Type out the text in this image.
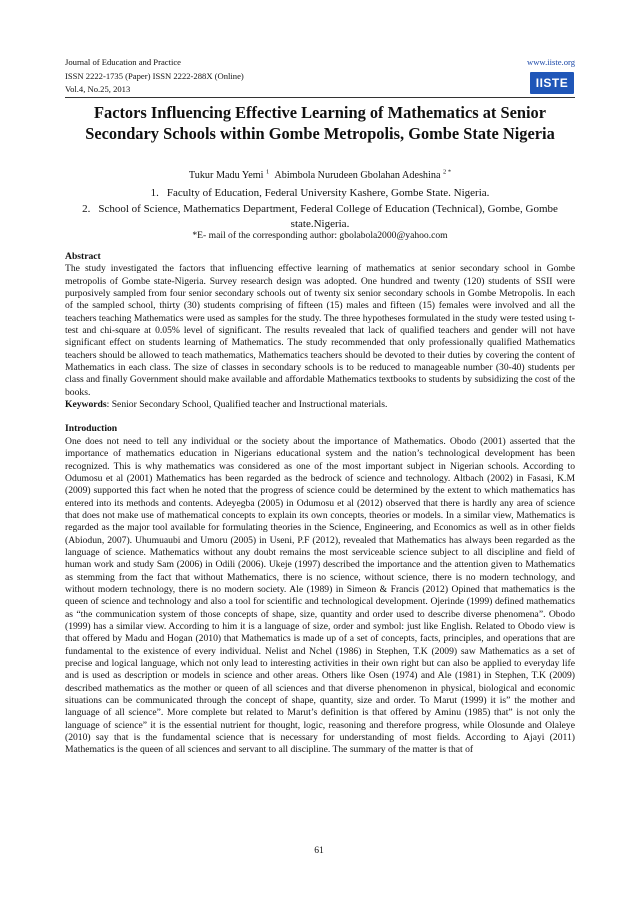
Journal of Education and Practice	www.iiste.org
ISSN 2222-1735 (Paper) ISSN 2222-288X (Online)
Vol.4, No.25, 2013	IISTE
Factors Influencing Effective Learning of Mathematics at Senior Secondary Schools within Gombe Metropolis, Gombe State Nigeria
Tukur Madu Yemi $^1$ Abimbola Nurudeen Gbolahan Adeshina $^{2 *}$
1. Faculty of Education, Federal University Kashere, Gombe State. Nigeria.
2. School of Science, Mathematics Department, Federal College of Education (Technical), Gombe, Gombe state.Nigeria.
*E- mail of the corresponding author: gbolabola2000@yahoo.com

Abstract

The study investigated the factors that influencing effective learning of mathematics at senior secondary school in Gombe metropolis of Gombe state-Nigeria. Survey research design was adopted. One hundred and twenty (120) students of SSII were purposively sampled from four senior secondary schools out of twenty six senior secondary schools in Gombe Metropolis. In each of the sampled school, thirty (30) students comprising of fifteen (15) males and fifteen (15) females were involved and all the teachers teaching Mathematics were used as samples for the study. The three hypotheses formulated in the study were tested using t-test and chi-square at 0.05% level of significant. The results revealed that lack of qualified teachers and gender will not have significant effect on students learning of Mathematics. The study recommended that only professionally qualified Mathematics teachers should be allowed to teach mathematics, Mathematics teachers should be devoted to their duties by covering the content of Mathematics in each class. The size of classes in secondary schools is to be reduced to manageable number (30-40) students per class and finally Government should make available and affordable Mathematics textbooks to students by subsidizing the cost of the books.

Keywords: Senior Secondary School, Qualified teacher and Instructional materials.

Introduction

One does not need to tell any individual or the society about the importance of Mathematics. Obodo (2001) asserted that the importance of mathematics education in Nigerians educational system and the nation’s technological development has been recognized. This is why mathematics was considered as one of the most important subject in Nigerian schools. According to Odumosu et al (2001) Mathematics has been regarded as the bedrock of science and technology. Altbach (2002) in Fasasi, K.M (2009) supported this fact when he noted that the progress of science could be determined by the extent to which mathematics has entered into its methods and contents. Adeyegba (2005) in Odumosu et al (2012) observed that there is hardly any area of science that does not make use of mathematical concepts to explain its own concepts, theories or models. In a similar view, Mathematics is regarded as the major tool available for formulating theories in the Science, Engineering, and Economics as well as in other fields (Abiodun, 2007). Uhumuaubi and Umoru (2005) in Useni, P.F (2012), revealed that Mathematics has always been regarded as the language of science. Mathematics without any doubt remains the most serviceable science subject to all discipline and field of human work and study Sam (2006) in Odili (2006). Ukeje (1997) described the importance and the attention given to Mathematics as stemming from the fact that without Mathematics, there is no science, without science, there is no modern technology, and without modern technology, there is no modern society. Ale (1989) in Simeon & Francis (2012) Opined that mathematics is the queen of science and technology and also a tool for scientific and technological development. Ojerinde (1999) defined mathematics as “the communication system of those concepts of shape, size, quantity and order used to describe diverse phenomena”. Obodo (1999) has a similar view. According to him it is a language of size, order and symbol: just like English. Related to Obodo view is that offered by Madu and Hogan (2010) that Mathematics is made up of a set of concepts, facts, principles, and operations that are fundamental to the existence of every individual. Nelist and Nchel (1986) in Stephen, T.K (2009) saw Mathematics as a set of precise and logical language, which not only lead to interesting activities in their own right but can also be applied to everyday life and is used as description or models in science and other areas. Others like Osen (1974) and Ale (1981) in Stephen, T.K (2009) described mathematics as the mother or queen of all sciences and that diverse phenomenon in physical, biological and economic situations can be communicated through the concept of shape, quantity, size and order. To Marut (1999) it is” the mother and language of all science”. More complete but related to Marut’s definition is that offered by Aminu (1985) that” is not only the language of science” it is the essential nutrient for thought, logic, reasoning and therefore progress, while Olosunde and Olaleye (2010) say that is the fundamental science that is necessary for understanding of most fields. According to Ajayi (2011) Mathematics is the queen of all sciences and servant to all discipline. The summary of the matter is that of

61
